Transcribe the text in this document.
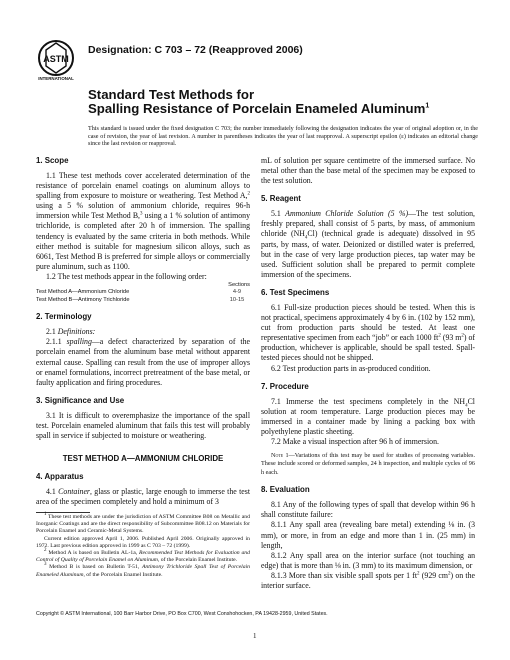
ASTM
INTERNATIONAL
Designation: C 703 – 72 (Reapproved 2006)
Standard Test Methods for
Spalling Resistance of Porcelain Enameled Aluminum$^1$
This standard is issued under the fixed designation C 703; the number immediately following the designation indicates the year of original adoption or, in the case of revision, the year of last revision. A number in parentheses indicates the year of last reapproval. A superscript epsilon (ε) indicates an editorial change since the last revision or reapproval.
1. Scope

1.1 These test methods cover accelerated determination of the resistance of porcelain enamel coatings on aluminum alloys to spalling from exposure to moisture or weathering. Test Method A,$^2$ using a 5 % solution of ammonium chloride, requires 96-h immersion while Test Method B,$^3$ using a 1 % solution of antimony trichloride, is completed after 20 h of immersion. The spalling tendency is evaluated by the same criteria in both methods. While either method is suitable for magnesium silicon alloys, such as 6061, Test Method B is preferred for simple alloys or commercially pure aluminum, such as 1100.

1.2 The test methods appear in the following order:

Sections
Test Method A—Ammonium Chloride	4-9
Test Method B—Antimony Trichloride	10-15
2. Terminology

2.1 Definitions:

2.1.1 spalling—a defect characterized by separation of the porcelain enamel from the aluminum base metal without apparent external cause. Spalling can result from the use of improper alloys or enamel formulations, incorrect pretreatment of the base metal, or faulty application and firing procedures.

3. Significance and Use

3.1 It is difficult to overemphasize the importance of the spall test. Porcelain enameled aluminum that fails this test will probably spall in service if subjected to moisture or weathering.

TEST METHOD A—AMMONIUM CHLORIDE
4. Apparatus

4.1 Container, glass or plastic, large enough to immerse the test area of the specimen completely and hold a minimum of 3

mL of solution per square centimetre of the immersed surface. No metal other than the base metal of the specimen may be exposed to the test solution.

5. Reagent

5.1 Ammonium Chloride Solution (5 %)—The test solution, freshly prepared, shall consist of 5 parts, by mass, of ammonium chloride $(NH_4Cl)$ (technical grade is adequate) dissolved in 95 parts, by mass, of water. Deionized or distilled water is preferred, but in the case of very large production pieces, tap water may be used. Sufficient solution shall be prepared to permit complete immersion of the specimens.

6. Test Specimens

6.1 Full-size production pieces should be tested. When this is not practical, specimens approximately 4 by 6 in. (102 by 152 mm), cut from production parts should be tested. At least one representative specimen from each “job” or each 1000 $ft^2$ (93 $m^2$) of production, whichever is applicable, should be spall tested. Spall-tested pieces should not be shipped.

6.2 Test production parts in as-produced condition.

7. Procedure

7.1 Immerse the test specimens completely in the $NH_4Cl$ solution at room temperature. Large production pieces may be immersed in a container made by lining a packing box with polyethylene plastic sheeting.

7.2 Make a visual inspection after 96 h of immersion.

Note 1—Variations of this test may be used for studies of processing variables. These include scored or deformed samples, 24 h inspection, and multiple cycles of 96 h each.

8. Evaluation

8.1 Any of the following types of spall that develop within 96 h shall constitute failure:

8.1.1 Any spall area (revealing bare metal) extending ⅛ in. (3 mm), or more, in from an edge and more than 1 in. (25 mm) in length,

8.1.2 Any spall area on the interior surface (not touching an edge) that is more than ⅛ in. (3 mm) to its maximum dimension, or

8.1.3 More than six visible spall spots per 1 $ft^2$ (929 $cm^2$) on the interior surface.

$^1$ These test methods are under the jurisdiction of ASTM Committee B08 on Metallic and Inorganic Coatings and are the direct responsibility of Subcommittee B08.12 on Materials for Porcelain Enamel and Ceramic-Metal Systems.

Current edition approved April 1, 2006. Published April 2006. Originally approved in 1972. Last previous edition approved in 1999 as C 703 – 72 (1999).

$^2$ Method A is based on Bulletin AL-1a, Recommended Test Methods for Evaluation and Control of Quality of Porcelain Enamel on Aluminum, of the Porcelain Enamel Institute.

$^3$ Method B is based on Bulletin T-51, Antimony Trichloride Spall Test of Porcelain Enameled Aluminum, of the Porcelain Enamel Institute.

Copyright © ASTM International, 100 Barr Harbor Drive, PO Box C700, West Conshohocken, PA 19428-2959, United States.
1
